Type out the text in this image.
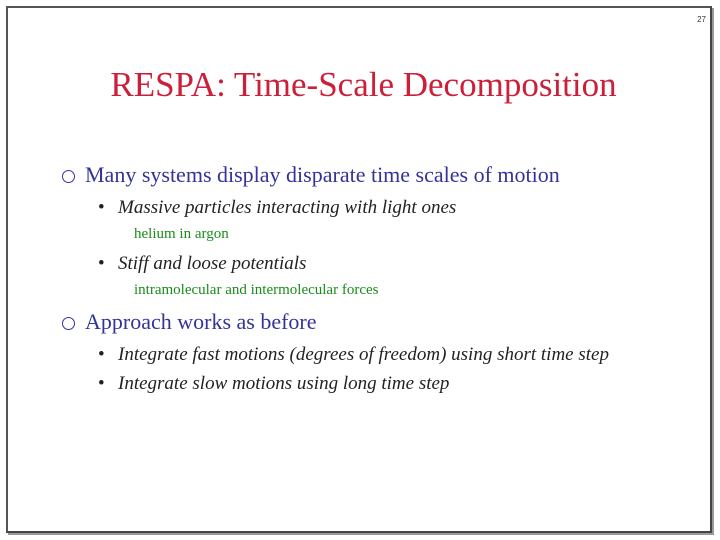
27
RESPA: Time-Scale Decomposition
Many systems display disparate time scales of motion
• Massive particles interacting with light ones
helium in argon
• Stiff and loose potentials
intramolecular and intermolecular forces
Approach works as before
• Integrate fast motions (degrees of freedom) using short time step
• Integrate slow motions using long time step
